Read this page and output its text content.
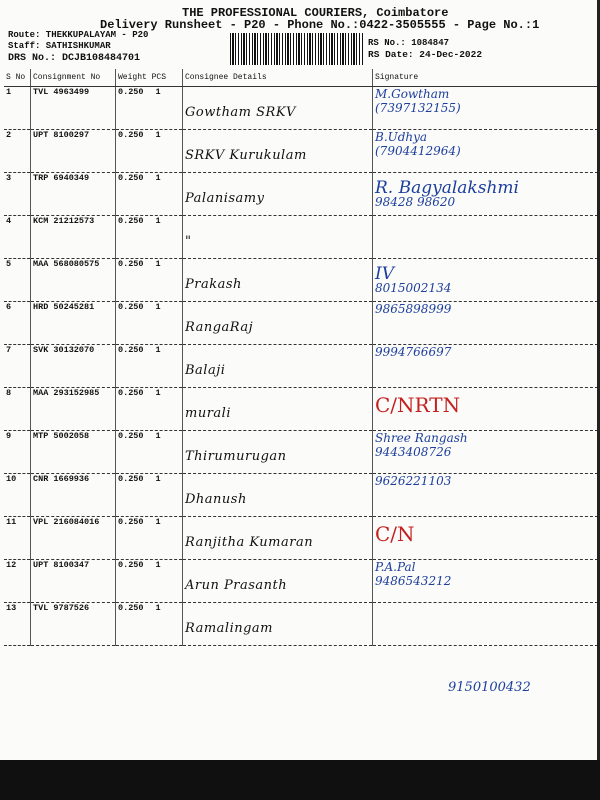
THE PROFESSIONAL COURIERS, Coimbatore
Delivery Runsheet - P20 - Phone No.:0422-3505555 - Page No.:1
Route: THEKKUPALAYAM - P20
Staff: SATHISHKUMAR
DRS No.: DCJB108484701
RS No.: 1084847
RS Date: 24-Dec-2022
S No	Consignment No	Weight PCS	Consignee Details	Signature
1	TVL 4963499	0.250 1	Gowtham SRKV	M.Gowtham
(7397132155)

2	UPT 8100297	0.250 1	SRKV Kurukulam	B.Udhya
(7904412964)

3	TRP 6940349	0.250 1	Palanisamy	R. Bagyalakshmi
98428 98620

4	KCM 21212573	0.250 1	"	

5	MAA 568080575	0.250 1	Prakash	IV
8015002134

6	HRD 50245281	0.250 1	RangaRaj	9865898999

7	SVK 30132070	0.250 1	Balaji	9994766697

8	MAA 293152985	0.250 1	murali	C/NRTN

9	MTP 5002058	0.250 1	Thirumurugan	Shree Rangash
9443408726

10	CNR 1669936	0.250 1	Dhanush	9626221103

11	VPL 216084016	0.250 1	Ranjitha Kumaran	C/N

12	UPT 8100347	0.250 1	Arun Prasanth	P.A.Pal
9486543212

13	TVL 9787526	0.250 1	Ramalingam	

9150100432
